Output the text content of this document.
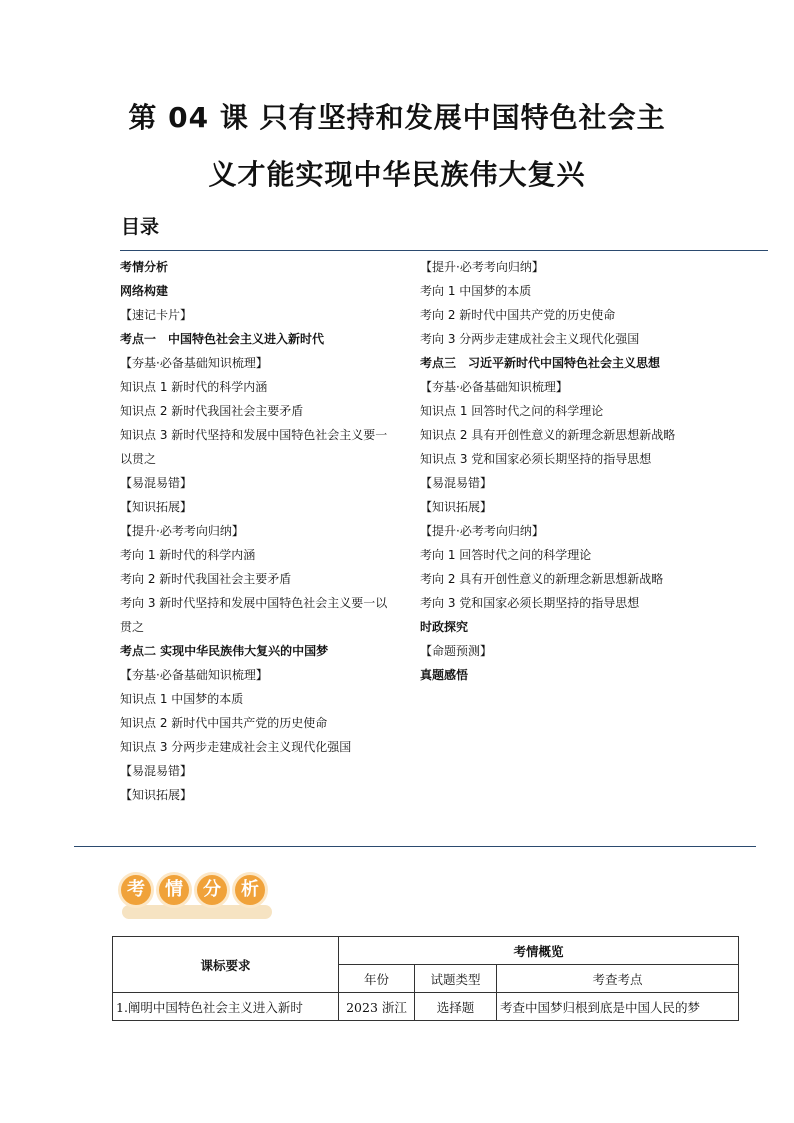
第 04 课 只有坚持和发展中国特色社会主
义才能实现中华民族伟大复兴
目录

考情分析

网络构建

【速记卡片】

考点一　中国特色社会主义进入新时代

【夯基·必备基础知识梳理】

知识点 1 新时代的科学内涵

知识点 2 新时代我国社会主要矛盾

知识点 3 新时代坚持和发展中国特色社会主义要一以贯之

【易混易错】

【知识拓展】

【提升·必考考向归纳】

考向 1 新时代的科学内涵

考向 2 新时代我国社会主要矛盾

考向 3 新时代坚持和发展中国特色社会主义要一以贯之

考点二 实现中华民族伟大复兴的中国梦

【夯基·必备基础知识梳理】

知识点 1 中国梦的本质

知识点 2 新时代中国共产党的历史使命

知识点 3 分两步走建成社会主义现代化强国

【易混易错】

【知识拓展】

【提升·必考考向归纳】

考向 1 中国梦的本质

考向 2 新时代中国共产党的历史使命

考向 3 分两步走建成社会主义现代化强国

考点三　习近平新时代中国特色社会主义思想

【夯基·必备基础知识梳理】

知识点 1 回答时代之问的科学理论

知识点 2 具有开创性意义的新理念新思想新战略

知识点 3 党和国家必须长期坚持的指导思想

【易混易错】

【知识拓展】

【提升·必考考向归纳】

考向 1 回答时代之问的科学理论

考向 2 具有开创性意义的新理念新思想新战略

考向 3 党和国家必须长期坚持的指导思想

时政探究

【命题预测】

真题感悟

考	情	分	析
课标要求	考情概览		
	年份	试题类型	考查考点
1.阐明中国特色社会主义进入新时	2023 浙江	选择题	考查中国梦归根到底是中国人民的梦
